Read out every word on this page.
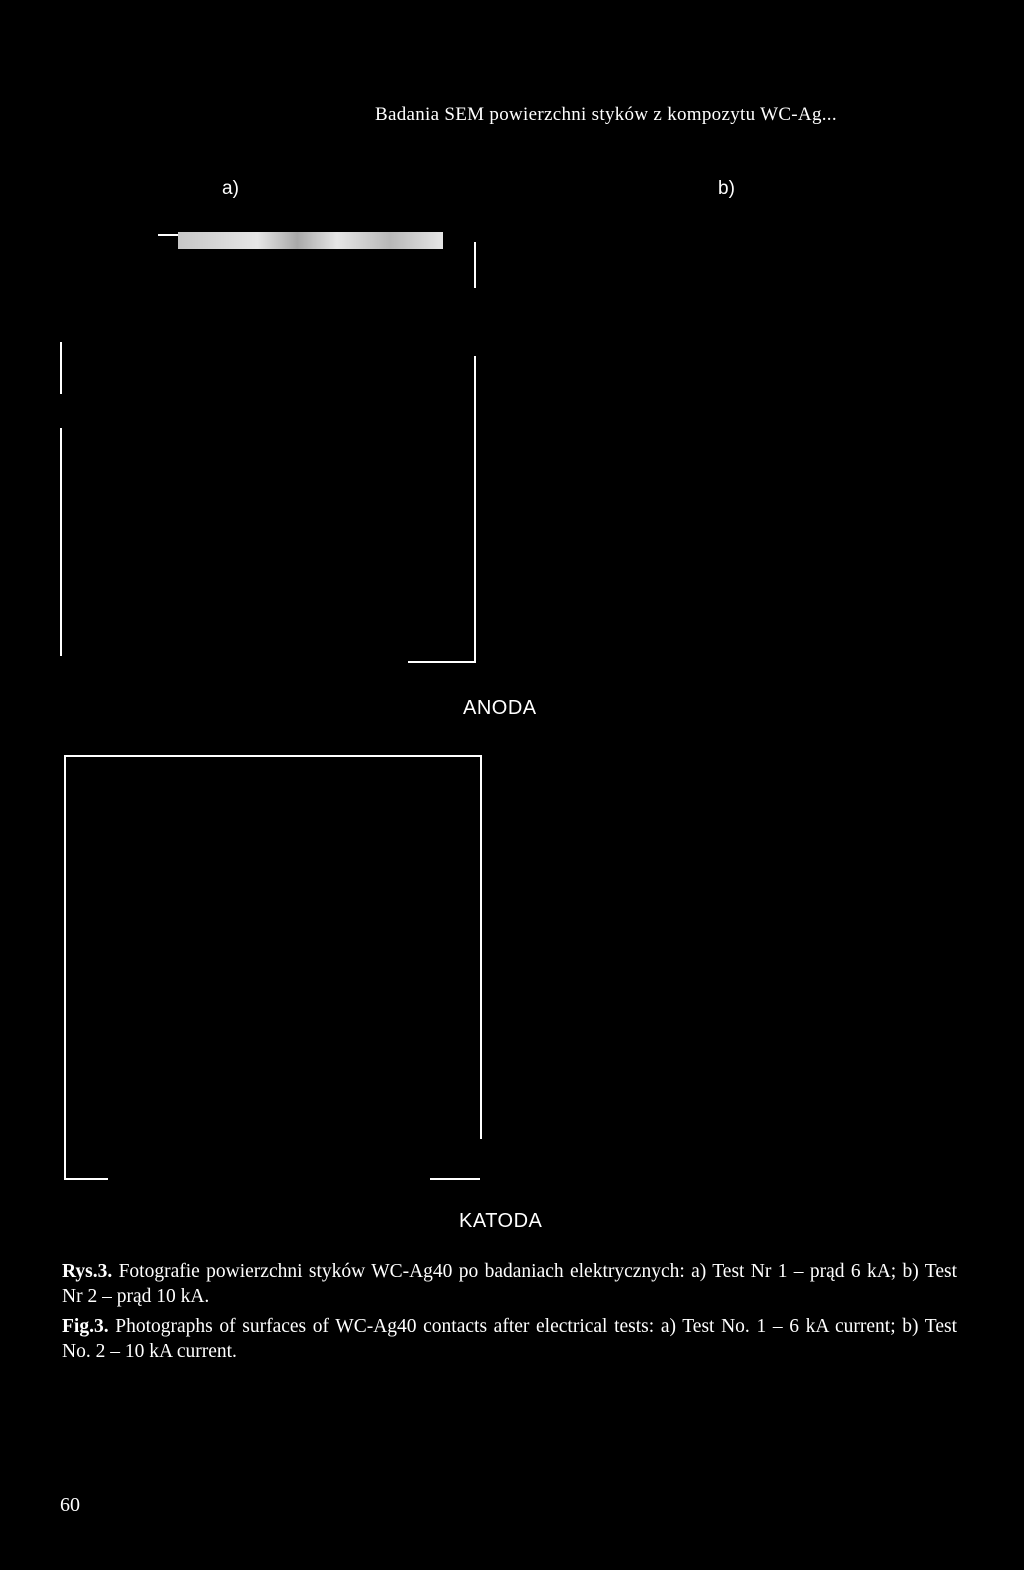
Badania SEM powierzchni styków z kompozytu WC-Ag...
a)	b)
ANODA
KATODA
Rys.3. Fotografie powierzchni styków WC-Ag40 po badaniach elektrycznych: a) Test Nr 1 – prąd 6 kA; b) Test Nr 2 – prąd 10 kA.
Fig.3. Photographs of surfaces of WC-Ag40 contacts after electrical tests: a) Test No. 1 – 6 kA current; b) Test No. 2 – 10 kA current.
60
